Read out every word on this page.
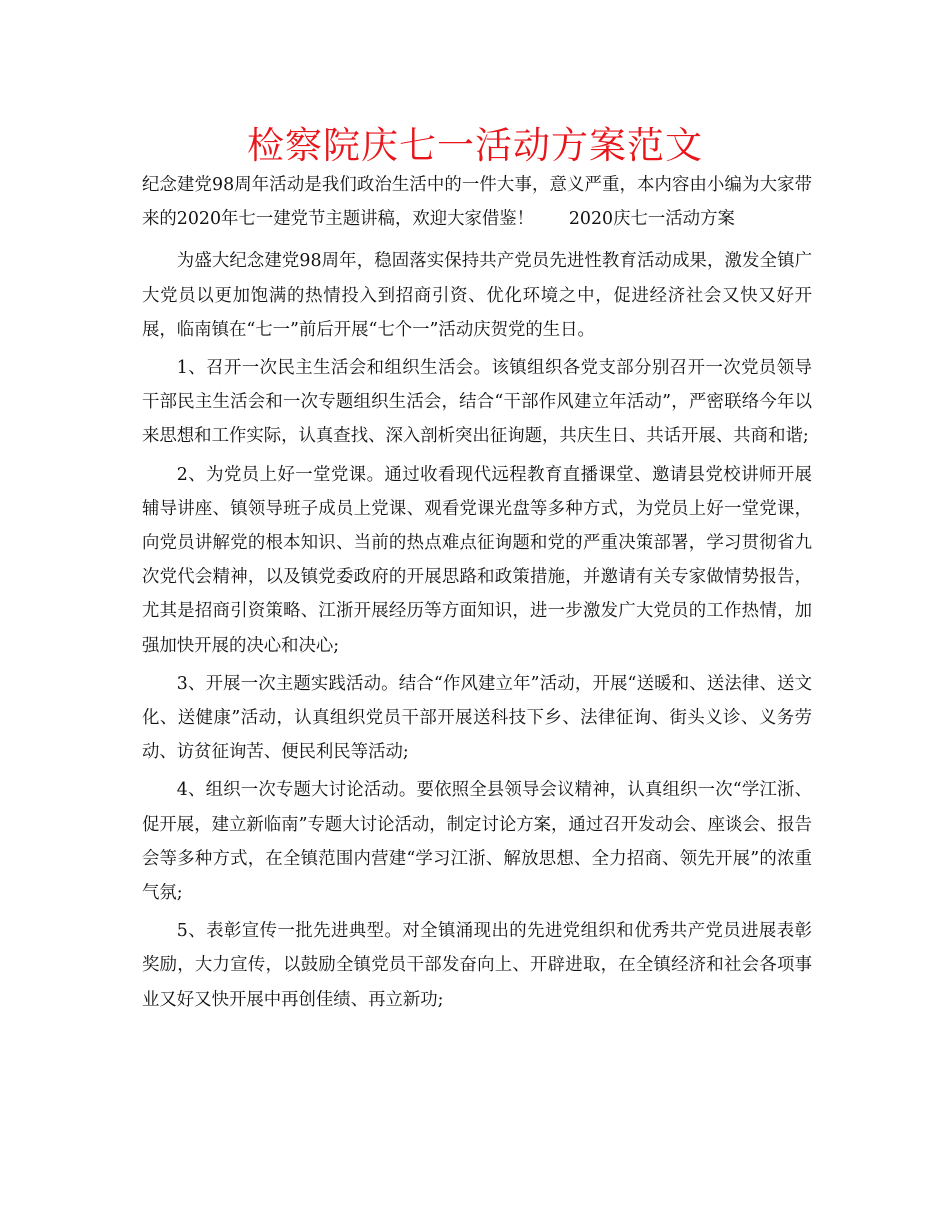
检察院庆七一活动方案范文

纪念建党98周年活动是我们政治生活中的一件大事，意义严重，本内容由小编为大家带来的2020年七一建党节主题讲稿，欢迎大家借鉴！　　2020庆七一活动方案

为盛大纪念建党98周年，稳固落实保持共产党员先进性教育活动成果，激发全镇广大党员以更加饱满的热情投入到招商引资、优化环境之中，促进经济社会又快又好开展，临南镇在“七一”前后开展“七个一”活动庆贺党的生日。

1、召开一次民主生活会和组织生活会。该镇组织各党支部分别召开一次党员领导干部民主生活会和一次专题组织生活会，结合“干部作风建立年活动”，严密联络今年以来思想和工作实际，认真查找、深入剖析突出征询题，共庆生日、共话开展、共商和谐;

2、为党员上好一堂党课。通过收看现代远程教育直播课堂、邀请县党校讲师开展辅导讲座、镇领导班子成员上党课、观看党课光盘等多种方式，为党员上好一堂党课，向党员讲解党的根本知识、当前的热点难点征询题和党的严重决策部署，学习贯彻省九次党代会精神，以及镇党委政府的开展思路和政策措施，并邀请有关专家做情势报告，尤其是招商引资策略、江浙开展经历等方面知识，进一步激发广大党员的工作热情，加强加快开展的决心和决心;

3、开展一次主题实践活动。结合“作风建立年”活动，开展“送暖和、送法律、送文化、送健康”活动，认真组织党员干部开展送科技下乡、法律征询、街头义诊、义务劳动、访贫征询苦、便民利民等活动;

4、组织一次专题大讨论活动。要依照全县领导会议精神，认真组织一次“学江浙、促开展，建立新临南”专题大讨论活动，制定讨论方案，通过召开发动会、座谈会、报告会等多种方式，在全镇范围内营建“学习江浙、解放思想、全力招商、领先开展”的浓重气氛;

5、表彰宣传一批先进典型。对全镇涌现出的先进党组织和优秀共产党员进展表彰奖励，大力宣传，以鼓励全镇党员干部发奋向上、开辟进取，在全镇经济和社会各项事业又好又快开展中再创佳绩、再立新功;
